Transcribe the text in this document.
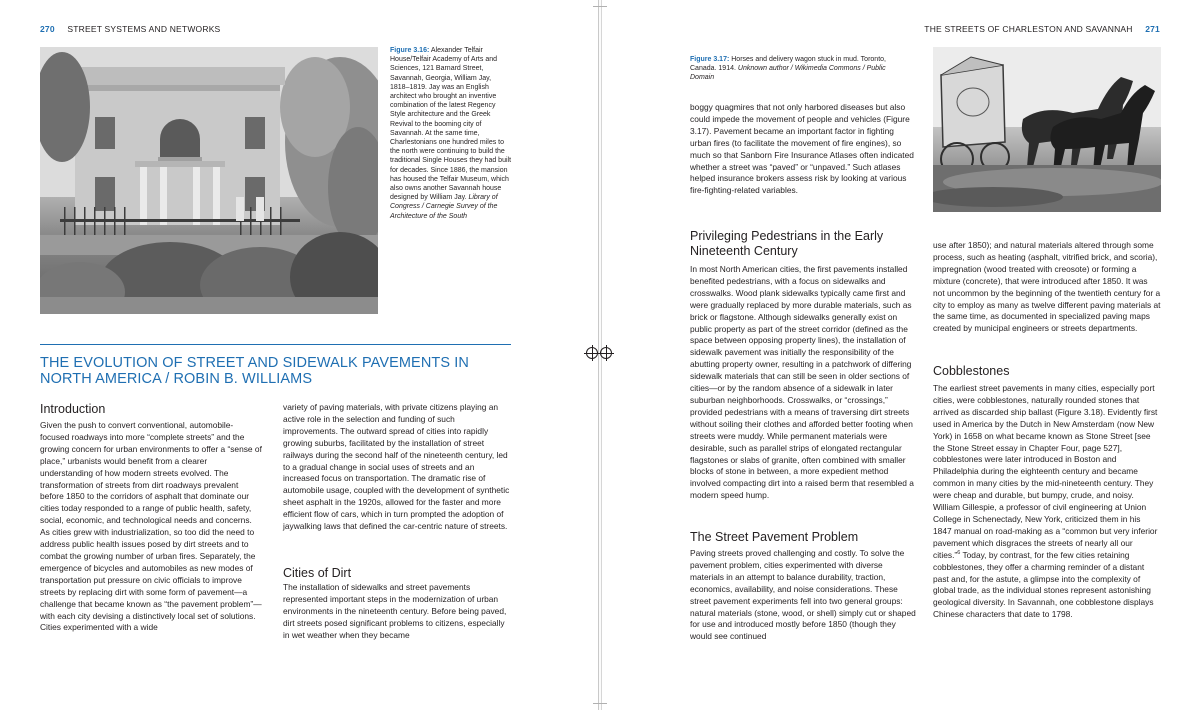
270 STREET SYSTEMS AND NETWORKS
Figure 3.16: Alexander Telfair House/Telfair Academy of Arts and Sciences, 121 Barnard Street, Savannah, Georgia, William Jay, 1818–1819. Jay was an English architect who brought an inventive combination of the latest Regency Style architecture and the Greek Revival to the booming city of Savannah. At the same time, Charlestonians one hundred miles to the north were continuing to build the traditional Single Houses they had built for decades. Since 1886, the mansion has housed the Telfair Museum, which also owns another Savannah house designed by William Jay. Library of Congress / Carnegie Survey of the Architecture of the South
THE EVOLUTION OF STREET AND SIDEWALK PAVEMENTS IN NORTH AMERICA / ROBIN B. WILLIAMS
Introduction
Given the push to convert conventional, automobile-focused roadways into more “complete streets” and the growing concern for urban environments to offer a “sense of place,” urbanists would benefit from a clearer understanding of how modern streets evolved. The transformation of streets from dirt roadways prevalent before 1850 to the corridors of asphalt that dominate our cities today responded to a range of public health, safety, social, economic, and technological needs and concerns. As cities grew with industrialization, so too did the need to address public health issues posed by dirt streets and to combat the growing number of urban fires. Separately, the emergence of bicycles and automobiles as new modes of transportation put pressure on civic officials to improve streets by replacing dirt with some form of pavement—a challenge that became known as “the pavement problem”—with each city devising a distinctively local set of solutions. Cities experimented with a wide
variety of paving materials, with private citizens playing an active role in the selection and funding of such improvements. The outward spread of cities into rapidly growing suburbs, facilitated by the installation of street railways during the second half of the nineteenth century, led to a gradual change in social uses of streets and an increased focus on transportation. The dramatic rise of automobile usage, coupled with the development of synthetic sheet asphalt in the 1920s, allowed for the faster and more efficient flow of cars, which in turn prompted the adoption of jaywalking laws that defined the car-centric nature of streets.
Cities of Dirt
The installation of sidewalks and street pavements represented important steps in the modernization of urban environments in the nineteenth century. Before being paved, dirt streets posed significant problems to citizens, especially in wet weather when they became
THE STREETS OF CHARLESTON AND SAVANNAH 271
Figure 3.17: Horses and delivery wagon stuck in mud. Toronto, Canada. 1914. Unknown author / Wikimedia Commons / Public Domain
boggy quagmires that not only harbored diseases but also could impede the movement of people and vehicles (Figure 3.17). Pavement became an important factor in fighting urban fires (to facilitate the movement of fire engines), so much so that Sanborn Fire Insurance Atlases often indicated whether a street was “paved” or “unpaved.” Such atlases helped insurance brokers assess risk by looking at various fire-fighting-related variables.
Privileging Pedestrians in the Early Nineteenth Century
In most North American cities, the first pavements installed benefited pedestrians, with a focus on sidewalks and crosswalks. Wood plank sidewalks typically came first and were gradually replaced by more durable materials, such as brick or flagstone. Although sidewalks generally exist on public property as part of the street corridor (defined as the space between opposing property lines), the installation of sidewalk pavement was initially the responsibility of the abutting property owner, resulting in a patchwork of differing sidewalk materials that can still be seen in older sections of cities—or by the random absence of a sidewalk in later suburban neighborhoods. Crosswalks, or “crossings,” provided pedestrians with a means of traversing dirt streets without soiling their clothes and afforded better footing when streets were muddy. While permanent materials were desirable, such as parallel strips of elongated rectangular flagstones or slabs of granite, often combined with smaller blocks of stone in between, a more expedient method involved compacting dirt into a raised berm that resembled a modern speed hump.
The Street Pavement Problem
Paving streets proved challenging and costly. To solve the pavement problem, cities experimented with diverse materials in an attempt to balance durability, traction, economics, availability, and noise considerations. These street pavement experiments fell into two general groups: natural materials (stone, wood, or shell) simply cut or shaped for use and introduced mostly before 1850 (though they would see continued
use after 1850); and natural materials altered through some process, such as heating (asphalt, vitrified brick, and scoria), impregnation (wood treated with creosote) or forming a mixture (concrete), that were introduced after 1850. It was not uncommon by the beginning of the twentieth century for a city to employ as many as twelve different paving materials at the same time, as documented in specialized paving maps created by municipal engineers or streets departments.
Cobblestones
The earliest street pavements in many cities, especially port cities, were cobblestones, naturally rounded stones that arrived as discarded ship ballast (Figure 3.18). Evidently first used in America by the Dutch in New Amsterdam (now New York) in 1658 on what became known as Stone Street [see the Stone Street essay in Chapter Four, page 527], cobblestones were later introduced in Boston and Philadelphia during the eighteenth century and became common in many cities by the mid-nineteenth century. They were cheap and durable, but bumpy, crude, and noisy. William Gillespie, a professor of civil engineering at Union College in Schenectady, New York, criticized them in his 1847 manual on road-making as a “common but very inferior pavement which disgraces the streets of nearly all our cities.”$^6$ Today, by contrast, for the few cities retaining cobblestones, they offer a charming reminder of a distant past and, for the astute, a glimpse into the complexity of global trade, as the individual stones represent astonishing geological diversity. In Savannah, one cobblestone displays Chinese characters that date to 1798.
